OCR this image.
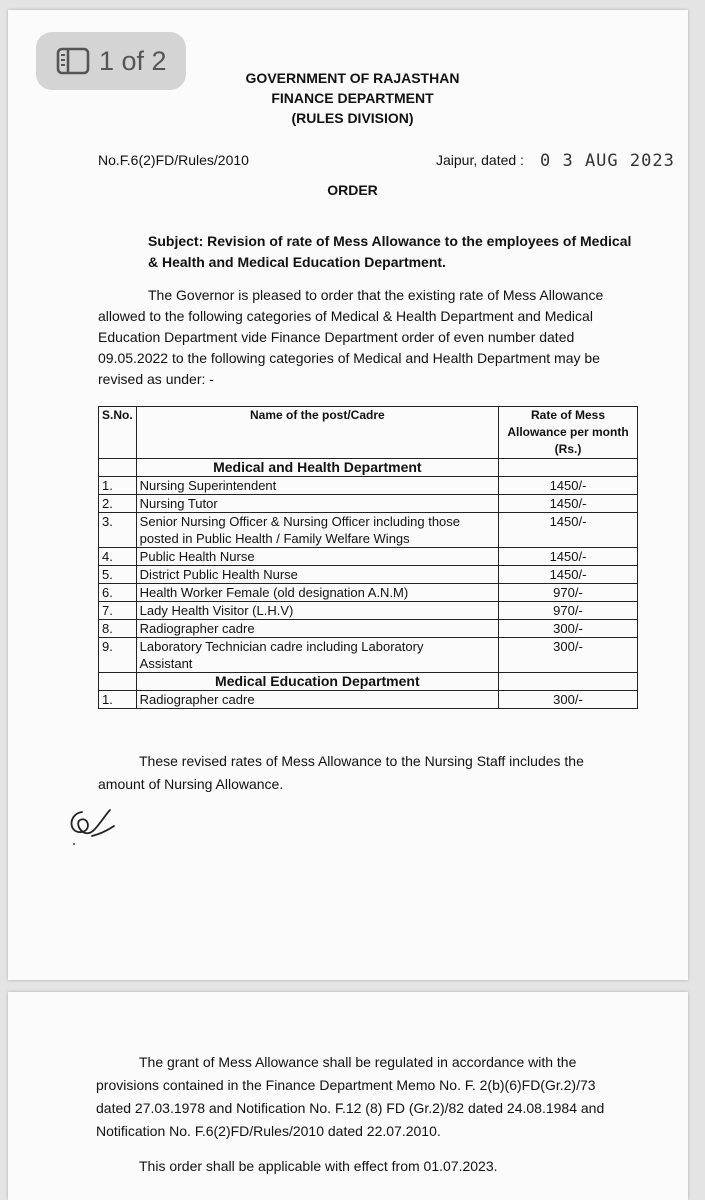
1 of 2
GOVERNMENT OF RAJASTHAN
FINANCE DEPARTMENT
(RULES DIVISION)
No.F.6(2)FD/Rules/2010	Jaipur, dated : 0 3 AUG 2023
ORDER
Subject: Revision of rate of Mess Allowance to the employees of Medical
& Health and Medical Education Department.
The Governor is pleased to order that the existing rate of Mess Allowance
allowed to the following categories of Medical & Health Department and Medical
Education Department vide Finance Department order of even number dated
09.05.2022 to the following categories of Medical and Health Department may be
revised as under: -
S.No.	Name of the post/Cadre	Rate of Mess
Allowance per month
(Rs.)

	Medical and Health Department	
1.	Nursing Superintendent	1450/-
2.	Nursing Tutor	1450/-
3.	Senior Nursing Officer & Nursing Officer including those
posted in Public Health / Family Welfare Wings	1450/-
4.	Public Health Nurse	1450/-
5.	District Public Health Nurse	1450/-
6.	Health Worker Female (old designation A.N.M)	970/-
7.	Lady Health Visitor (L.H.V)	970/-
8.	Radiographer cadre	300/-
9.	Laboratory Technician cadre including Laboratory
Assistant	300/-
	Medical Education Department	
1.	Radiographer cadre	300/-
These revised rates of Mess Allowance to the Nursing Staff includes the
amount of Nursing Allowance.
The grant of Mess Allowance shall be regulated in accordance with the
provisions contained in the Finance Department Memo No. F. 2(b)(6)FD(Gr.2)/73
dated 27.03.1978 and Notification No. F.12 (8) FD (Gr.2)/82 dated 24.08.1984 and
Notification No. F.6(2)FD/Rules/2010 dated 22.07.2010.
This order shall be applicable with effect from 01.07.2023.
